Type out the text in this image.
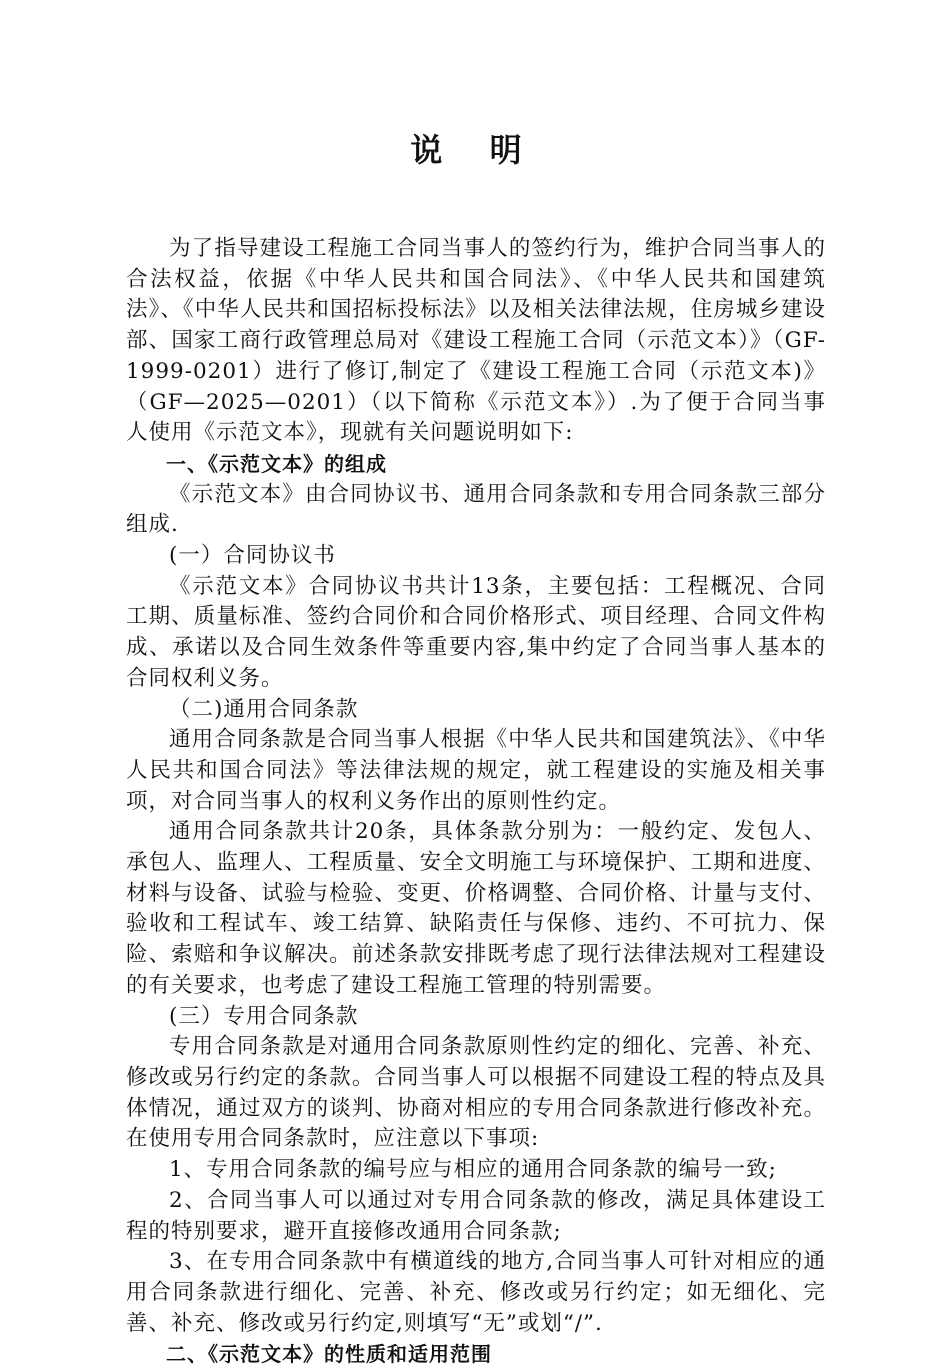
说 明

为了指导建设工程施工合同当事人的签约行为，维护合同当事人的合法权益，依据《中华人民共和国合同法》、《中华人民共和国建筑法》、《中华人民共和国招标投标法》以及相关法律法规，住房城乡建设部、国家工商行政管理总局对《建设工程施工合同（示范文本）》（GF-1999-0201）进行了修订,制定了《建设工程施工合同（示范文本)》（GF—2025—0201）（以下简称《示范文本》）.为了便于合同当事人使用《示范文本》，现就有关问题说明如下:

一、《示范文本》的组成

《示范文本》由合同协议书、通用合同条款和专用合同条款三部分组成.

(一）合同协议书

《示范文本》合同协议书共计13条，主要包括：工程概况、合同工期、质量标准、签约合同价和合同价格形式、项目经理、合同文件构成、承诺以及合同生效条件等重要内容,集中约定了合同当事人基本的合同权利义务。

（二)通用合同条款

通用合同条款是合同当事人根据《中华人民共和国建筑法》、《中华人民共和国合同法》等法律法规的规定，就工程建设的实施及相关事项，对合同当事人的权利义务作出的原则性约定。

通用合同条款共计20条，具体条款分别为：一般约定、发包人、承包人、监理人、工程质量、安全文明施工与环境保护、工期和进度、材料与设备、试验与检验、变更、价格调整、合同价格、计量与支付、验收和工程试车、竣工结算、缺陷责任与保修、违约、不可抗力、保险、索赔和争议解决。前述条款安排既考虑了现行法律法规对工程建设的有关要求，也考虑了建设工程施工管理的特别需要。

(三）专用合同条款

专用合同条款是对通用合同条款原则性约定的细化、完善、补充、修改或另行约定的条款。合同当事人可以根据不同建设工程的特点及具体情况，通过双方的谈判、协商对相应的专用合同条款进行修改补充。在使用专用合同条款时，应注意以下事项:

1、专用合同条款的编号应与相应的通用合同条款的编号一致;

2、合同当事人可以通过对专用合同条款的修改，满足具体建设工程的特别要求，避开直接修改通用合同条款;

3、在专用合同条款中有横道线的地方,合同当事人可针对相应的通用合同条款进行细化、完善、补充、修改或另行约定；如无细化、完善、补充、修改或另行约定,则填写“无”或划“/”.

二、《示范文本》的性质和适用范围
